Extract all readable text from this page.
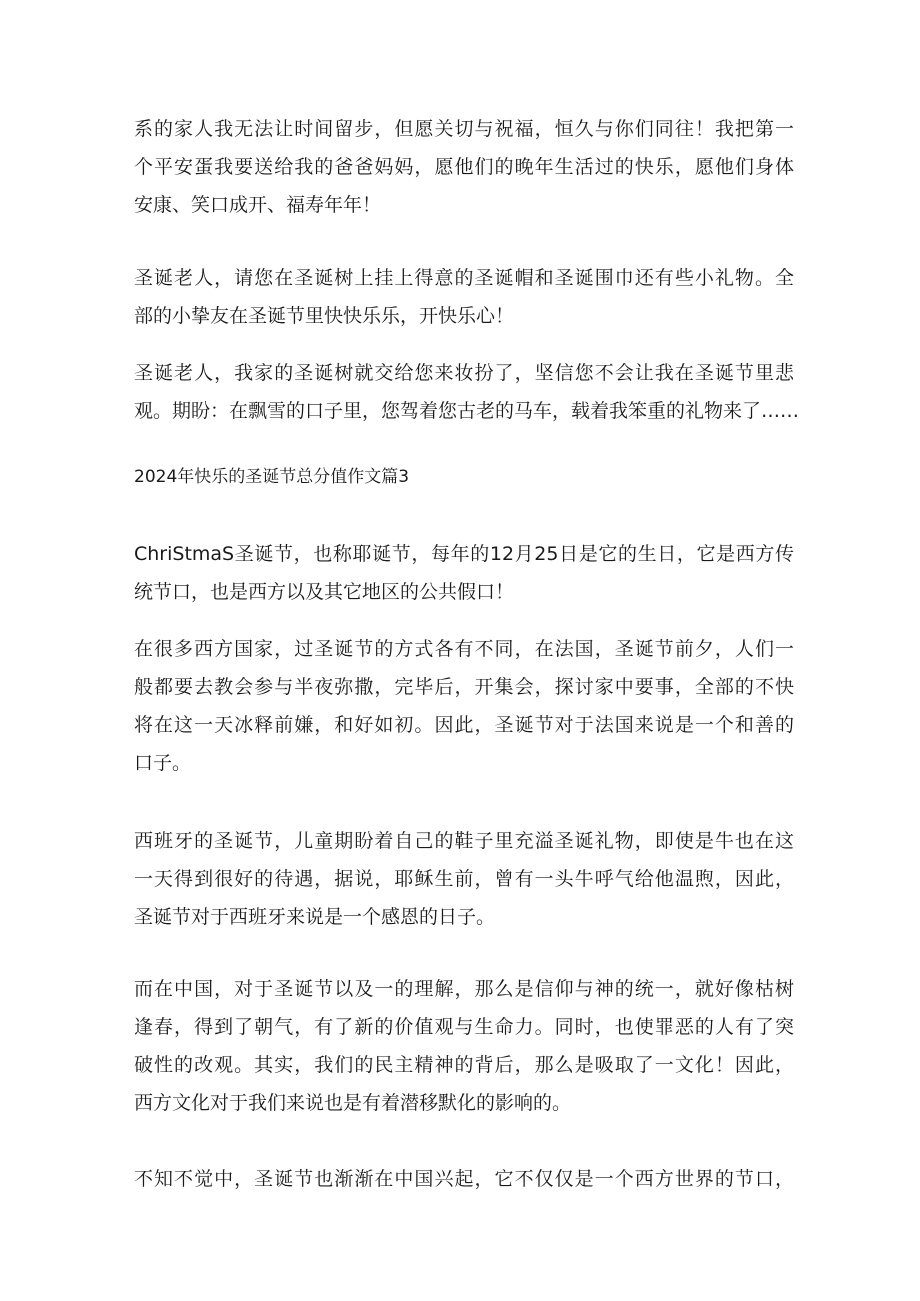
系的家人我无法让时间留步，但愿关切与祝福，恒久与你们同往！我把第一
个平安蛋我要送给我的爸爸妈妈，愿他们的晚年生活过的快乐，愿他们身体
安康、笑口成开、福寿年年！

圣诞老人，请您在圣诞树上挂上得意的圣诞帽和圣诞围巾还有些小礼物。全
部的小挚友在圣诞节里快快乐乐，开快乐心！

圣诞老人，我家的圣诞树就交给您来妆扮了，坚信您不会让我在圣诞节里悲
观。期盼：在飘雪的口子里，您驾着您古老的马车，载着我笨重的礼物来了……

2024年快乐的圣诞节总分值作文篇3

ChriStmaS圣诞节，也称耶诞节，每年的12月25日是它的生日，它是西方传
统节口，也是西方以及其它地区的公共假口！

在很多西方国家，过圣诞节的方式各有不同，在法国，圣诞节前夕，人们一
般都要去教会参与半夜弥撒，完毕后，开集会，探讨家中要事，全部的不快
将在这一天冰释前嫌，和好如初。因此，圣诞节对于法国来说是一个和善的
口子。

西班牙的圣诞节，儿童期盼着自己的鞋子里充溢圣诞礼物，即使是牛也在这
一天得到很好的待遇，据说，耶稣生前，曾有一头牛呼气给他温煦，因此，
圣诞节对于西班牙来说是一个感恩的日子。

而在中国，对于圣诞节以及一的理解，那么是信仰与神的统一，就好像枯树
逢春，得到了朝气，有了新的价值观与生命力。同时，也使罪恶的人有了突
破性的改观。其实，我们的民主精神的背后，那么是吸取了一文化！因此，
西方文化对于我们来说也是有着潜移默化的影响的。

不知不觉中，圣诞节也渐渐在中国兴起，它不仅仅是一个西方世界的节口，
